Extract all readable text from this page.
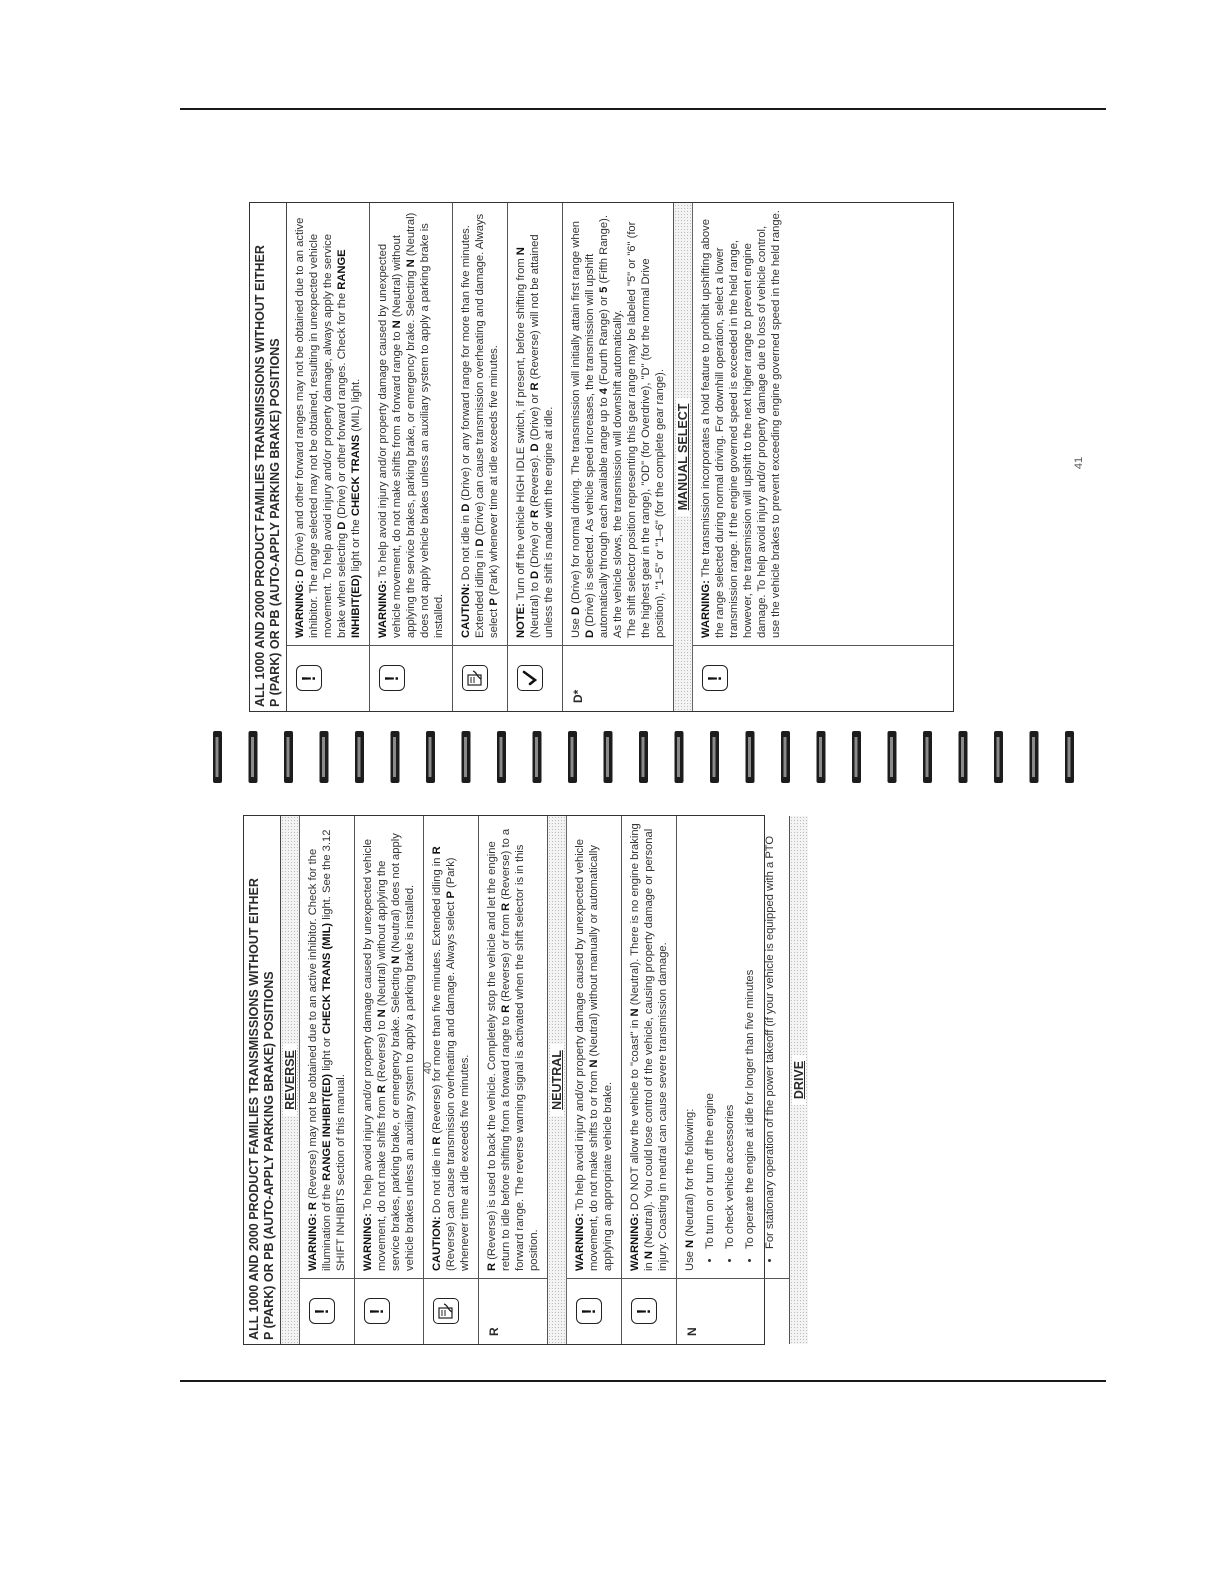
ALL 1000 AND 2000 PRODUCT FAMILIES TRANSMISSIONS WITHOUT EITHER P (PARK) OR PB (AUTO-APPLY PARKING BRAKE) POSITIONS REVERSE
!
WARNING: R (Reverse) may not be obtained due to an active inhibitor. Check for the illumination of the RANGE INHIBIT(ED) light or CHECK TRANS (MIL) light. See the 3.12 SHIFT INHIBITS section of this manual.
!
WARNING: To help avoid injury and/or property damage caused by unexpected vehicle movement, do not make shifts from R (Reverse) to N (Neutral) without applying the service brakes, parking brake, or emergency brake. Selecting N (Neutral) does not apply vehicle brakes unless an auxiliary system to apply a parking brake is installed.	CAUTION: Do not idle in R (Reverse) for more than five minutes. Extended idling in R (Reverse) can cause transmission overheating and damage. Always select P (Park) whenever time at idle exceeds five minutes.
R
R (Reverse) is used to back the vehicle. Completely stop the vehicle and let the engine return to idle before shifting from a forward range to R (Reverse) or from R (Reverse) to a forward range. The reverse warning signal is activated when the shift selector is in this position.
NEUTRAL
!
WARNING: To help avoid injury and/or property damage caused by unexpected vehicle movement, do not make shifts to or from N (Neutral) without manually or automatically applying an appropriate vehicle brake.
!
WARNING: DO NOT allow the vehicle to "coast" in N (Neutral). There is no engine braking in N (Neutral). You could lose control of the vehicle, causing property damage or personal injury. Coasting in neutral can cause severe transmission damage.
N

Use N (Neutral) for the following: • To turn on or turn off the engine • To check vehicle accessories • To operate the engine at idle for longer than five minutes • For stationary operation of the power takeoff (if your vehicle is equipped with a PTO DRIVE
ALL 1000 AND 2000 PRODUCT FAMILIES TRANSMISSIONS WITHOUT EITHER P (PARK) OR PB (AUTO-APPLY PARKING BRAKE) POSITIONS !
WARNING: D (Drive) and other forward ranges may not be obtained due to an active inhibitor. The range selected may not be obtained, resulting in unexpected vehicle movement. To help avoid injury and/or property damage, always apply the service brake when selecting D (Drive) or other forward ranges. Check for the RANGE INHIBIT(ED) light or the CHECK TRANS (MIL) light.
!
WARNING: To help avoid injury and/or property damage caused by unexpected vehicle movement, do not make shifts from a forward range to N (Neutral) without applying the service brakes, parking brake, or emergency brake. Selecting N (Neutral) does not apply vehicle brakes unless an auxiliary system to apply a parking brake is installed.	CAUTION: Do not idle in D (Drive) or any forward range for more than five minutes. Extended idling in D (Drive) can cause transmission overheating and damage. Always select P (Park) whenever time at idle exceeds five minutes.
NOTE: Turn off the vehicle HIGH IDLE switch, if present, before shifting from N (Neutral) to D (Drive) or R (Reverse). D (Drive) or R (Reverse) will not be attained unless the shift is made with the engine at idle.
D*

Use D (Drive) for normal driving. The transmission will initially attain first range when D (Drive) is selected. As vehicle speed increases, the transmission will upshift automatically through each available range up to 4 (Fourth Range) or 5 (Fifth Range). As the vehicle slows, the transmission will downshift automatically. The shift selector position representing this gear range may be labeled "5" or "6" (for the highest gear in the range), "OD" (for Overdrive), "D" (for the normal Drive position), "1–5" or "1–6" (for the complete gear range). MANUAL SELECT
!
WARNING: The transmission incorporates a hold feature to prohibit upshifting above the range selected during normal driving. For downhill operation, select a lower transmission range. If the engine governed speed is exceeded in the held range, however, the transmission will upshift to the next higher range to prevent engine damage. To help avoid injury and/or property damage due to loss of vehicle control, use the vehicle brakes to prevent exceeding engine governed speed in the held range.
40
41
